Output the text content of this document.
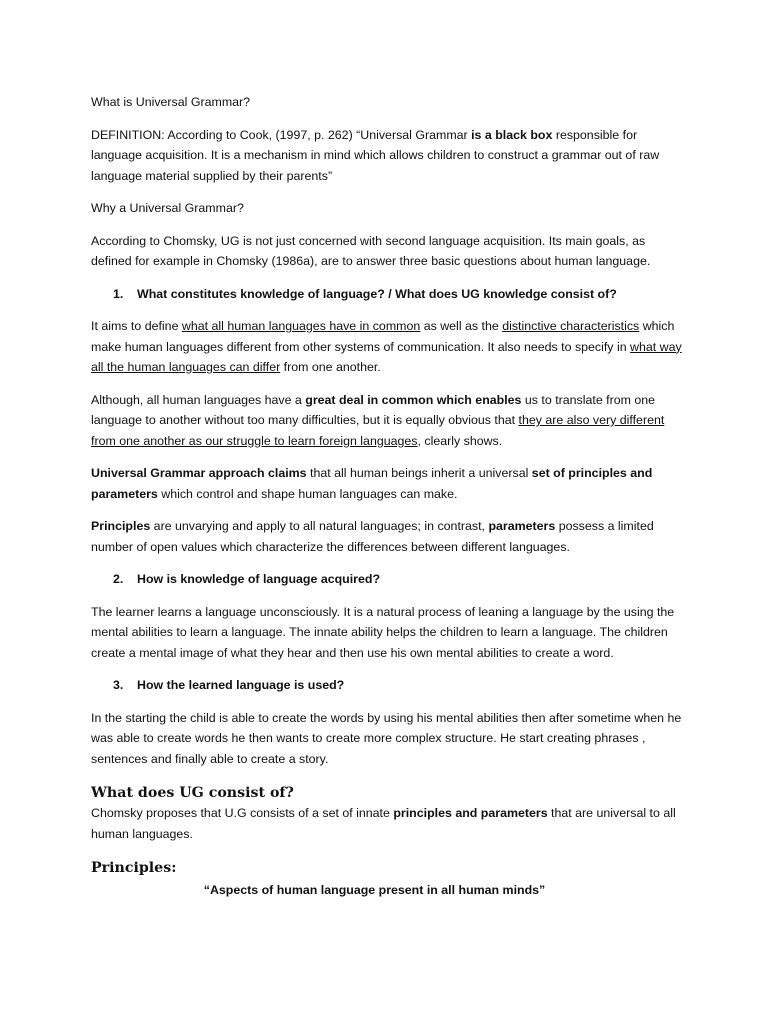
What is Universal Grammar?

DEFINITION: According to Cook, (1997, p. 262) “Universal Grammar is a black box responsible for language acquisition. It is a mechanism in mind which allows children to construct a grammar out of raw language material supplied by their parents”

Why a Universal Grammar?

According to Chomsky, UG is not just concerned with second language acquisition. Its main goals, as defined for example in Chomsky (1986a), are to answer three basic questions about human language.

1. What constitutes knowledge of language? / What does UG knowledge consist of?

It aims to define what all human languages have in common as well as the distinctive characteristics which make human languages different from other systems of communication. It also needs to specify in what way all the human languages can differ from one another.

Although, all human languages have a great deal in common which enables us to translate from one language to another without too many difficulties, but it is equally obvious that they are also very different from one another as our struggle to learn foreign languages, clearly shows.

Universal Grammar approach claims that all human beings inherit a universal set of principles and parameters which control and shape human languages can make.

Principles are unvarying and apply to all natural languages; in contrast, parameters possess a limited number of open values which characterize the differences between different languages.

2. How is knowledge of language acquired?

The learner learns a language unconsciously. It is a natural process of leaning a language by the using the mental abilities to learn a language. The innate ability helps the children to learn a language. The children create a mental image of what they hear and then use his own mental abilities to create a word.

3. How the learned language is used?

In the starting the child is able to create the words by using his mental abilities then after sometime when he was able to create words he then wants to create more complex structure. He start creating phrases , sentences and finally able to create a story.

What does UG consist of?

Chomsky proposes that U.G consists of a set of innate principles and parameters that are universal to all human languages.

Principles:

“Aspects of human language present in all human minds”
